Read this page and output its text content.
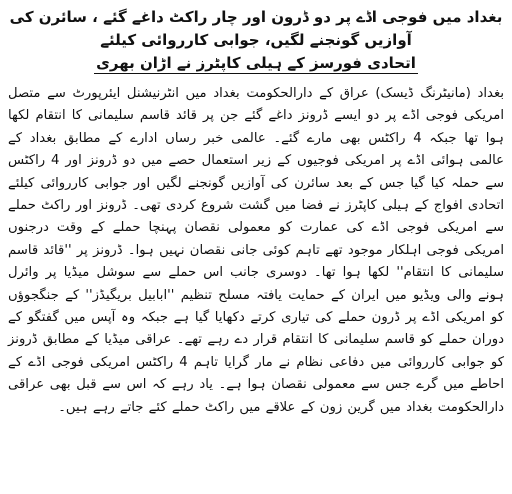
بغداد میں فوجی اڈے پر دو ڈرون اور چار راکٹ داغے گئے ، سائرن کی آوازیں گونجنے لگیں، جوابی کارروائی کیلئے
اتحادی فورسز کے ہیلی کاپٹرز نے اڑان بھری

بغداد (مانیٹرنگ ڈیسک) عراق کے دارالحکومت بغداد میں انٹرنیشنل ایئرپورٹ سے متصل امریکی فوجی اڈے پر دو ایسے ڈرونز داغے گئے جن پر قائد قاسم سلیمانی کا انتقام لکھا ہوا تھا جبکہ 4 راکٹس بھی مارے گئے۔ عالمی خبر رساں ادارے کے مطابق بغداد کے عالمی ہوائی اڈے پر امریکی فوجیوں کے زیر استعمال حصے میں دو ڈرونز اور 4 راکٹس سے حملہ کیا گیا جس کے بعد سائرن کی آوازیں گونجنے لگیں اور جوابی کارروائی کیلئے اتحادی افواج کے ہیلی کاپٹرز نے فضا میں گشت شروع کردی تھی۔ ڈرونز اور راکٹ حملے سے امریکی فوجی اڈے کی عمارت کو معمولی نقصان پہنچا حملے کے وقت درجنوں امریکی فوجی اہلکار موجود تھے تاہم کوئی جانی نقصان نہیں ہوا۔ ڈرونز پر ''قائد قاسم سلیمانی کا انتقام'' لکھا ہوا تھا۔ دوسری جانب اس حملے سے سوشل میڈیا پر وائرل ہونے والی ویڈیو میں ایران کے حمایت یافتہ مسلح تنظیم ''ابابیل بریگیڈز'' کے جنگجوؤں کو امریکی اڈے پر ڈرون حملے کی تیاری کرتے دکھایا گیا ہے جبکہ وہ آپس میں گفتگو کے دوران حملے کو قاسم سلیمانی کا انتقام قرار دے رہے تھے۔ عراقی میڈیا کے مطابق ڈرونز کو جوابی کارروائی میں دفاعی نظام نے مار گرایا تاہم 4 راکٹس امریکی فوجی اڈے کے احاطے میں گرے جس سے معمولی نقصان ہوا ہے۔ یاد رہے کہ اس سے قبل بھی عراقی دارالحکومت بغداد میں گرین زون کے علاقے میں راکٹ حملے کئے جاتے رہے ہیں۔
